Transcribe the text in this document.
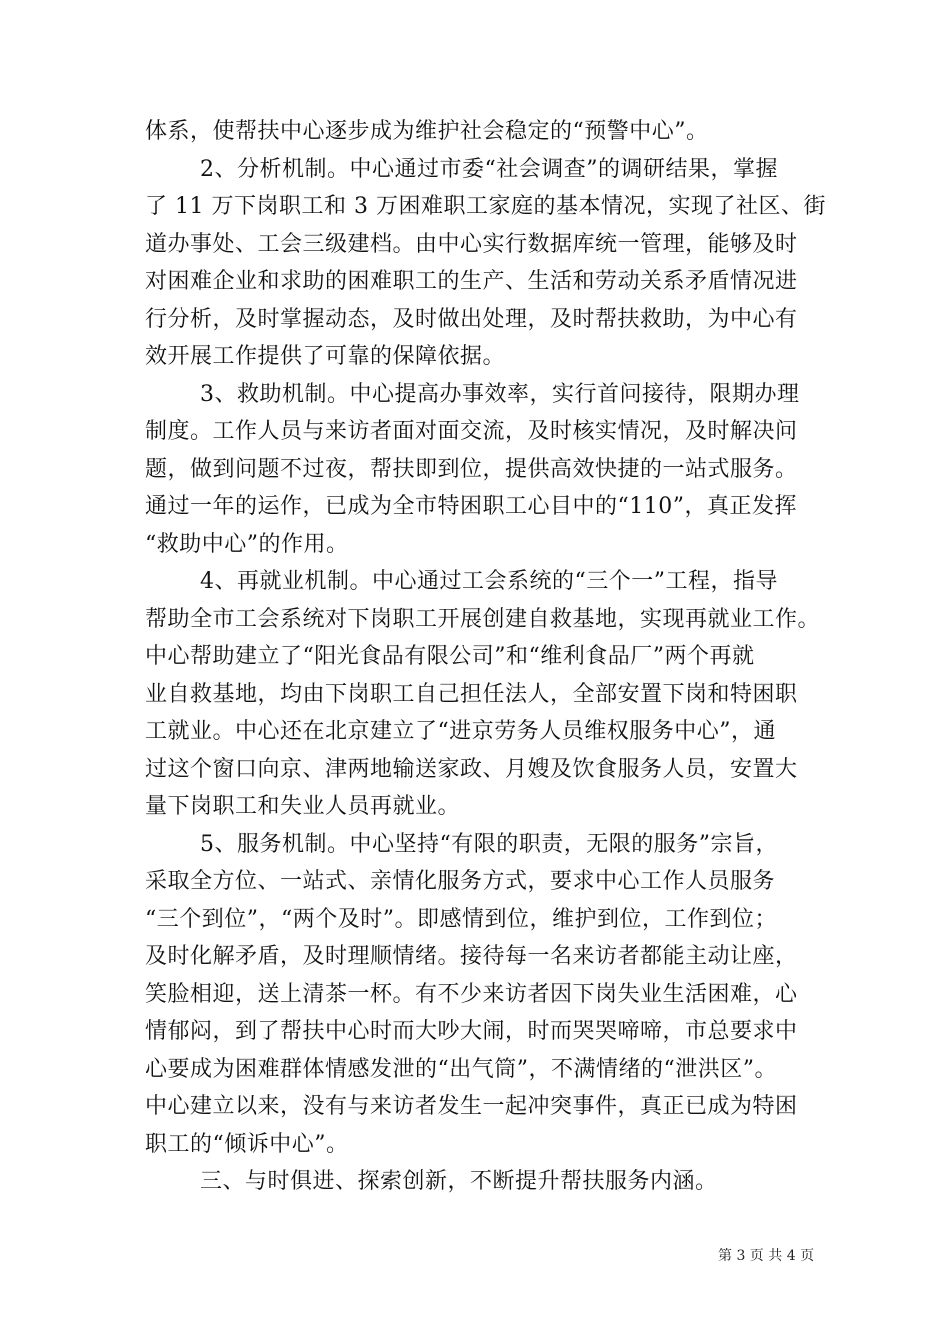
体系，使帮扶中心逐步成为维护社会稳定的“预警中心”。
2、分析机制。中心通过市委“社会调查”的调研结果，掌握
了 11 万下岗职工和 3 万困难职工家庭的基本情况，实现了社区、街
道办事处、工会三级建档。由中心实行数据库统一管理，能够及时
对困难企业和求助的困难职工的生产、生活和劳动关系矛盾情况进
行分析，及时掌握动态，及时做出处理，及时帮扶救助，为中心有
效开展工作提供了可靠的保障依据。
3、救助机制。中心提高办事效率，实行首问接待，限期办理
制度。工作人员与来访者面对面交流，及时核实情况，及时解决问
题，做到问题不过夜，帮扶即到位，提供高效快捷的一站式服务。
通过一年的运作，已成为全市特困职工心目中的“110”，真正发挥
“救助中心”的作用。
4、再就业机制。中心通过工会系统的“三个一”工程，指导
帮助全市工会系统对下岗职工开展创建自救基地，实现再就业工作。
中心帮助建立了“阳光食品有限公司”和“维利食品厂”两个再就
业自救基地，均由下岗职工自己担任法人，全部安置下岗和特困职
工就业。中心还在北京建立了“进京劳务人员维权服务中心”，通
过这个窗口向京、津两地输送家政、月嫂及饮食服务人员，安置大
量下岗职工和失业人员再就业。
5、服务机制。中心坚持“有限的职责，无限的服务”宗旨，
采取全方位、一站式、亲情化服务方式，要求中心工作人员服务
“三个到位”，“两个及时”。即感情到位，维护到位，工作到位；
及时化解矛盾，及时理顺情绪。接待每一名来访者都能主动让座，
笑脸相迎，送上清茶一杯。有不少来访者因下岗失业生活困难，心
情郁闷，到了帮扶中心时而大吵大闹，时而哭哭啼啼，市总要求中
心要成为困难群体情感发泄的“出气筒”，不满情绪的“泄洪区”。
中心建立以来，没有与来访者发生一起冲突事件，真正已成为特困
职工的“倾诉中心”。
三、与时俱进、探索创新，不断提升帮扶服务内涵。
第 3 页 共 4 页
